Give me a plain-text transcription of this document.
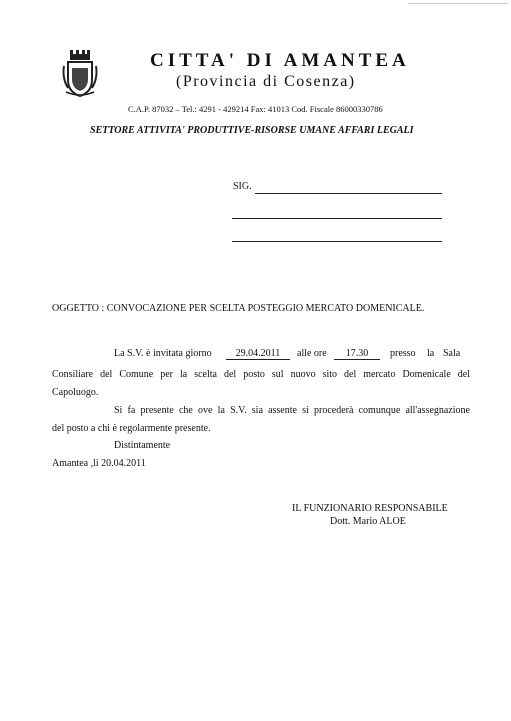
CITTA' DI AMANTEA
(Provincia di Cosenza)
C.A.P. 87032 – Tel.: 4291 - 429214 Fax: 41013 Cod. Fiscale 86000330786
SETTORE ATTIVITA' PRODUTTIVE-RISORSE UMANE AFFARI LEGALI
SIG.
OGGETTO : CONVOCAZIONE PER SCELTA POSTEGGIO MERCATO DOMENICALE.
La S.V. è invitata giorno	29.04.2011	alle ore	17.30	presso la Sala
Consiliare del Comune per la scelta del posto sul nuovo sito del mercato Domenicale del
Capoluogo.
Si fa presente che ove la S.V. sia assente si procederà comunque all'assegnazione
del posto a chi è regolarmente presente.
Distintamente
Amantea ,li 20.04.2011
IL FUNZIONARIO RESPONSABILE
Dott. Mario ALOE
